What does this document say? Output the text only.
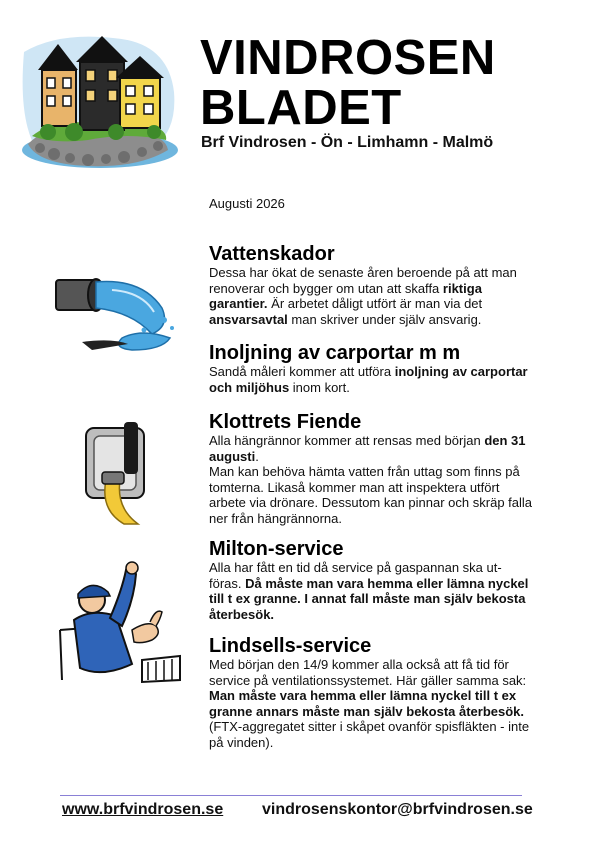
VINDROSEN
BLADET
Brf Vindrosen - Ön - Limhamn - Malmö
Augusti 2026
Vattenskador

Dessa har ökat de senaste åren beroende på att man renoverar och bygger om utan att skaffa riktiga garantier. Är arbetet dåligt utfört är man via det ansvarsavtal man skriver under själv ansvarig.

Inoljning av carportar m m

Sandå måleri kommer att utföra inoljning av carportar och miljöhus inom kort.

Klottrets Fiende

Alla hängrännor kommer att rensas med början den 31 augusti.
Man kan behöva hämta vatten från uttag som finns på tomterna. Likaså kommer man att inspektera utfört arbete via drönare. Dessutom kan pinnar och skräp falla ner från hängrännorna.

Milton-service

Alla har fått en tid då service på gaspannan ska ut-föras. Då måste man vara hemma eller lämna nyckel till t ex granne. I annat fall måste man själv bekosta återbesök.

Lindsells-service

Med början den 14/9 kommer alla också att få tid för service på ventilationssystemet. Här gäller samma sak: Man måste vara hemma eller lämna nyckel till t ex granne annars måste man själv bekosta återbesök. (FTX-aggregatet sitter i skåpet ovanför spisfläkten - inte på vinden).

www.brfvindrosen.se vindrosenskontor@brfvindrosen.se
